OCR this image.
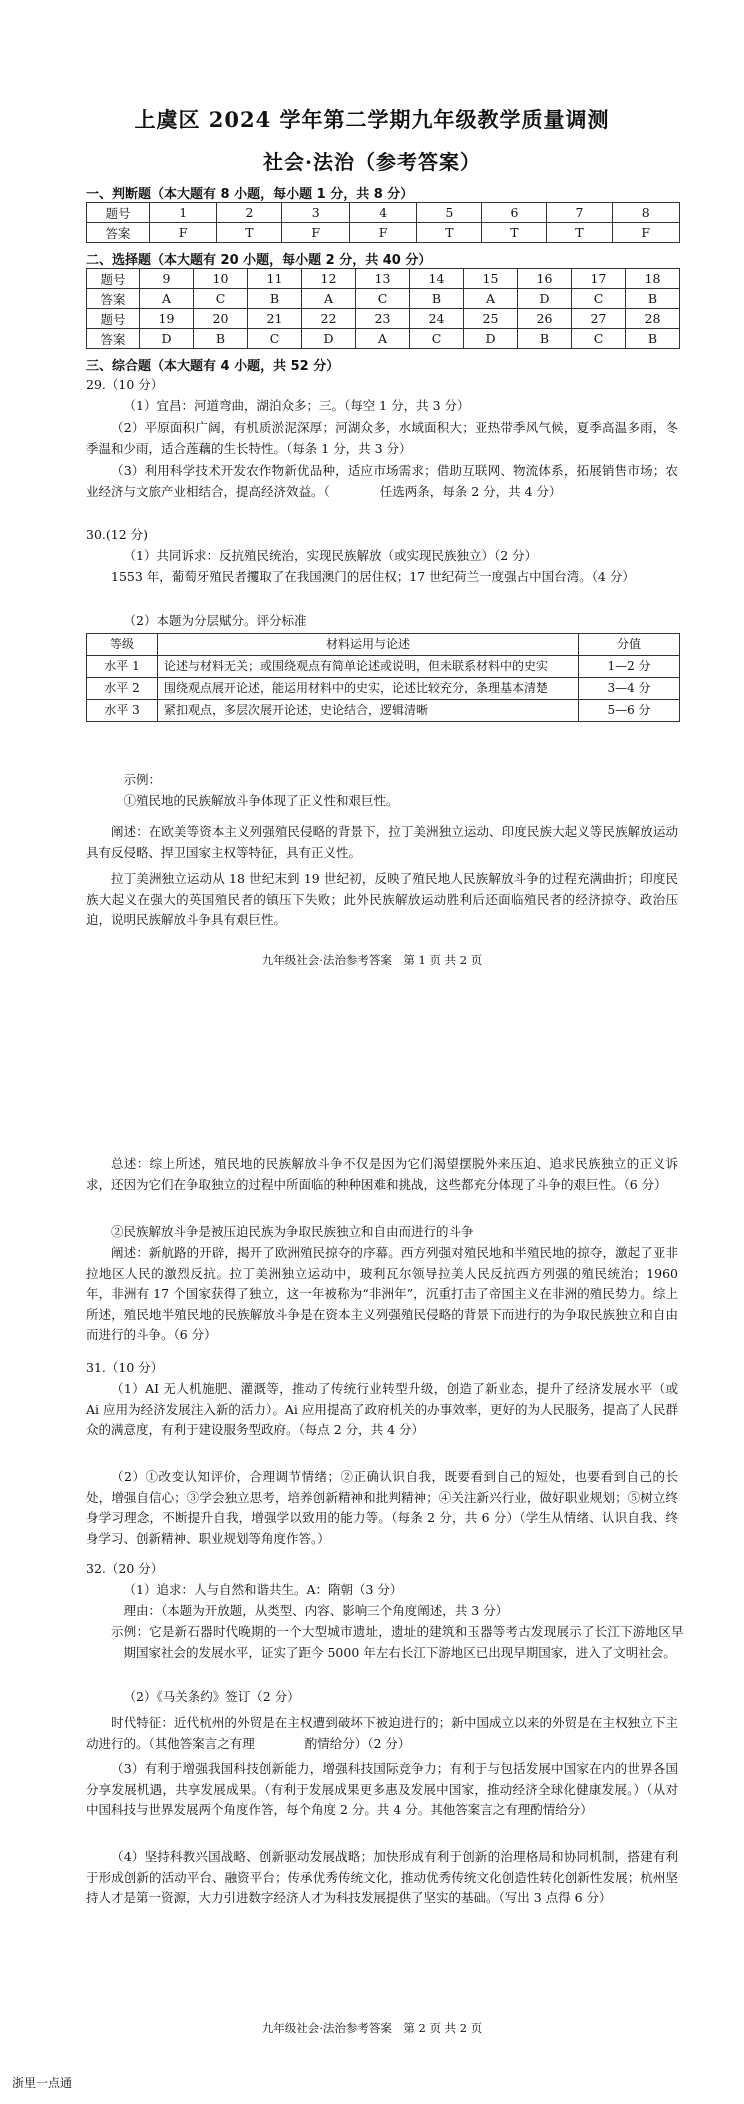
上虞区 2024 学年第二学期九年级教学质量调测

社会·法治（参考答案）

一、判断题（本大题有 8 小题，每小题 1 分，共 8 分）

题号	1	2	3	4	5	6	7	8
答案	F	T	F	F	T	T	T	F

二、选择题（本大题有 20 小题，每小题 2 分，共 40 分）

题号	9	10	11	12	13	14	15	16	17	18
答案	A	C	B	A	C	B	A	D	C	B
题号	19	20	21	22	23	24	25	26	27	28
答案	D	B	C	D	A	C	D	B	C	B

三、综合题（本大题有 4 小题，共 52 分）

29.（10 分）

（1）宜昌：河道弯曲，湖泊众多；三。（每空 1 分，共 3 分）

（2）平原面积广阔，有机质淤泥深厚；河湖众多，水域面积大；亚热带季风气候，夏季高温多雨，冬季温和少雨，适合莲藕的生长特性。（每条 1 分，共 3 分）

（3）利用科学技术开发农作物新优品种，适应市场需求；借助互联网、物流体系，拓展销售市场；农业经济与文旅产业相结合，提高经济效益。（　　　　任选两条，每条 2 分，共 4 分）

30.(12 分)

（1）共同诉求：反抗殖民统治，实现民族解放（或实现民族独立）（2 分）

1553 年，葡萄牙殖民者攫取了在我国澳门的居住权；17 世纪荷兰一度强占中国台湾。（4 分）

（2）本题为分层赋分。评分标准

等级	材料运用与论述	分值
水平 1	论述与材料无关；或围绕观点有简单论述或说明，但未联系材料中的史实	1—2 分
水平 2	围绕观点展开论述，能运用材料中的史实，论述比较充分，条理基本清楚	3—4 分
水平 3	紧扣观点，多层次展开论述，史论结合，逻辑清晰	5—6 分

示例：

①殖民地的民族解放斗争体现了正义性和艰巨性。

阐述：在欧美等资本主义列强殖民侵略的背景下，拉丁美洲独立运动、印度民族大起义等民族解放运动具有反侵略、捍卫国家主权等特征，具有正义性。

拉丁美洲独立运动从 18 世纪末到 19 世纪初，反映了殖民地人民族解放斗争的过程充满曲折；印度民族大起义在强大的英国殖民者的镇压下失败；此外民族解放运动胜利后还面临殖民者的经济掠夺、政治压迫，说明民族解放斗争具有艰巨性。

九年级社会·法治参考答案　第 1 页 共 2 页

总述：综上所述，殖民地的民族解放斗争不仅是因为它们渴望摆脱外来压迫、追求民族独立的正义诉求，还因为它们在争取独立的过程中所面临的种种困难和挑战，这些都充分体现了斗争的艰巨性。（6 分）

②民族解放斗争是被压迫民族为争取民族独立和自由而进行的斗争

阐述：新航路的开辟，揭开了欧洲殖民掠夺的序幕。西方列强对殖民地和半殖民地的掠夺，激起了亚非拉地区人民的激烈反抗。拉丁美洲独立运动中，玻利瓦尔领导拉美人民反抗西方列强的殖民统治；1960 年，非洲有 17 个国家获得了独立，这一年被称为“非洲年”，沉重打击了帝国主义在非洲的殖民势力。综上所述，殖民地半殖民地的民族解放斗争是在资本主义列强殖民侵略的背景下而进行的为争取民族独立和自由而进行的斗争。（6 分）

31.（10 分）

（1）AI 无人机施肥、灌溉等，推动了传统行业转型升级，创造了新业态，提升了经济发展水平（或 Ai 应用为经济发展注入新的活力）。Ai 应用提高了政府机关的办事效率，更好的为人民服务，提高了人民群众的满意度，有利于建设服务型政府。（每点 2 分，共 4 分）

（2）①改变认知评价，合理调节情绪；②正确认识自我，既要看到自己的短处，也要看到自己的长处，增强自信心；③学会独立思考，培养创新精神和批判精神；④关注新兴行业，做好职业规划；⑤树立终身学习理念，不断提升自我，增强学以致用的能力等。（每条 2 分，共 6 分）（学生从情绪、认识自我、终身学习、创新精神、职业规划等角度作答。）

32.（20 分）

（1）追求：人与自然和谐共生。A：隋朝（3 分）

理由：（本题为开放题，从类型、内容、影响三个角度阐述，共 3 分）

示例：它是新石器时代晚期的一个大型城市遗址，遗址的建筑和玉器等考古发现展示了长江下游地区早期国家社会的发展水平，证实了距今 5000 年左右长江下游地区已出现早期国家，进入了文明社会。

（2）《马关条约》签订（2 分）

时代特征：近代杭州的外贸是在主权遭到破坏下被迫进行的；新中国成立以来的外贸是在主权独立下主动进行的。（其他答案言之有理　　　　酌情给分）（2 分）

（3）有利于增强我国科技创新能力，增强科技国际竞争力；有利于与包括发展中国家在内的世界各国分享发展机遇，共享发展成果。（有利于发展成果更多惠及发展中国家，推动经济全球化健康发展。）（从对中国科技与世界发展两个角度作答，每个角度 2 分。共 4 分。其他答案言之有理酌情给分）

（4）坚持科教兴国战略、创新驱动发展战略；加快形成有利于创新的治理格局和协同机制，搭建有利于形成创新的活动平台、融资平台；传承优秀传统文化，推动优秀传统文化创造性转化创新性发展；杭州坚持人才是第一资源，大力引进数字经济人才为科技发展提供了坚实的基础。（写出 3 点得 6 分）

九年级社会·法治参考答案　第 2 页 共 2 页

浙里一点通
